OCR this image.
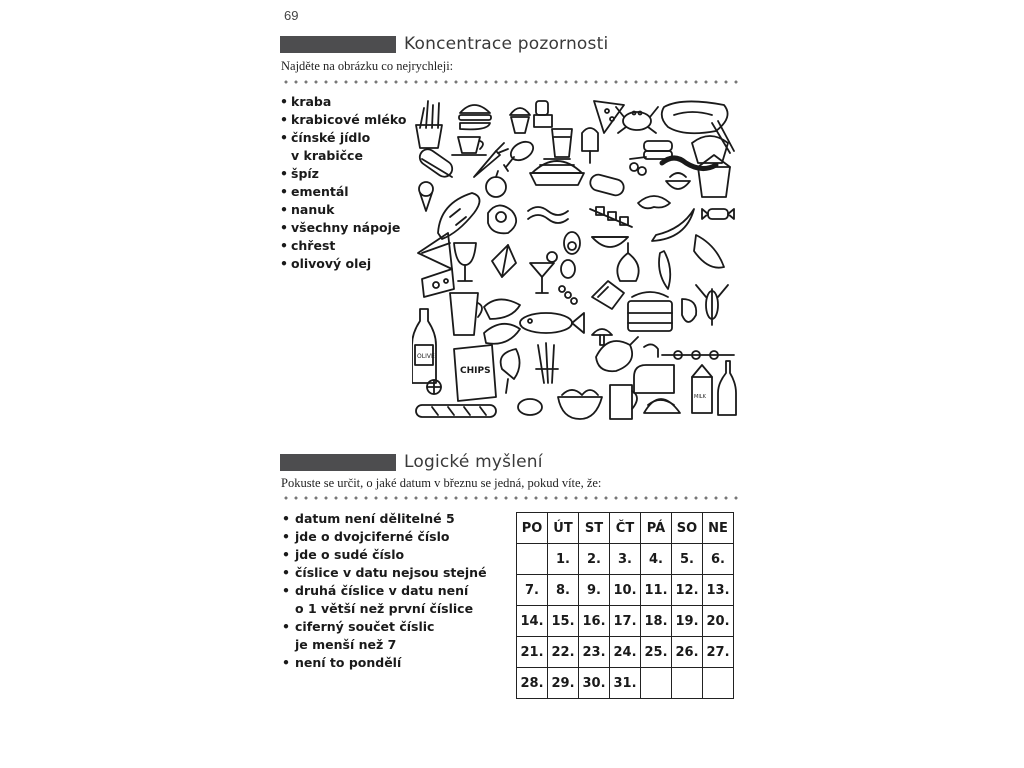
69
Koncentrace pozornosti
Najděte na obrázku co nejrychleji:
• kraba
• krabicové mléko
• čínské jídlo
v krabičce
• špíz
• ementál
• nanuk
• všechny nápoje
• chřest
• olivový olej
OLIVE
CHIPS
MILK
Logické myšlení
Pokuste se určit, o jaké datum v březnu se jedná, pokud víte, že:
• datum není dělitelné 5
• jde o dvojciferné číslo
• jde o sudé číslo
• číslice v datu nejsou stejné
• druhá číslice v datu není
o 1 větší než první číslice
• ciferný součet číslic
je menší než 7
• není to pondělí
PO	ÚT	ST	ČT	PÁ	SO	NE
	1.	2.	3.	4.	5.	6.
7.	8.	9.	10.	11.	12.	13.
14.	15.	16.	17.	18.	19.	20.
21.	22.	23.	24.	25.	26.	27.
28.	29.	30.	31.			
